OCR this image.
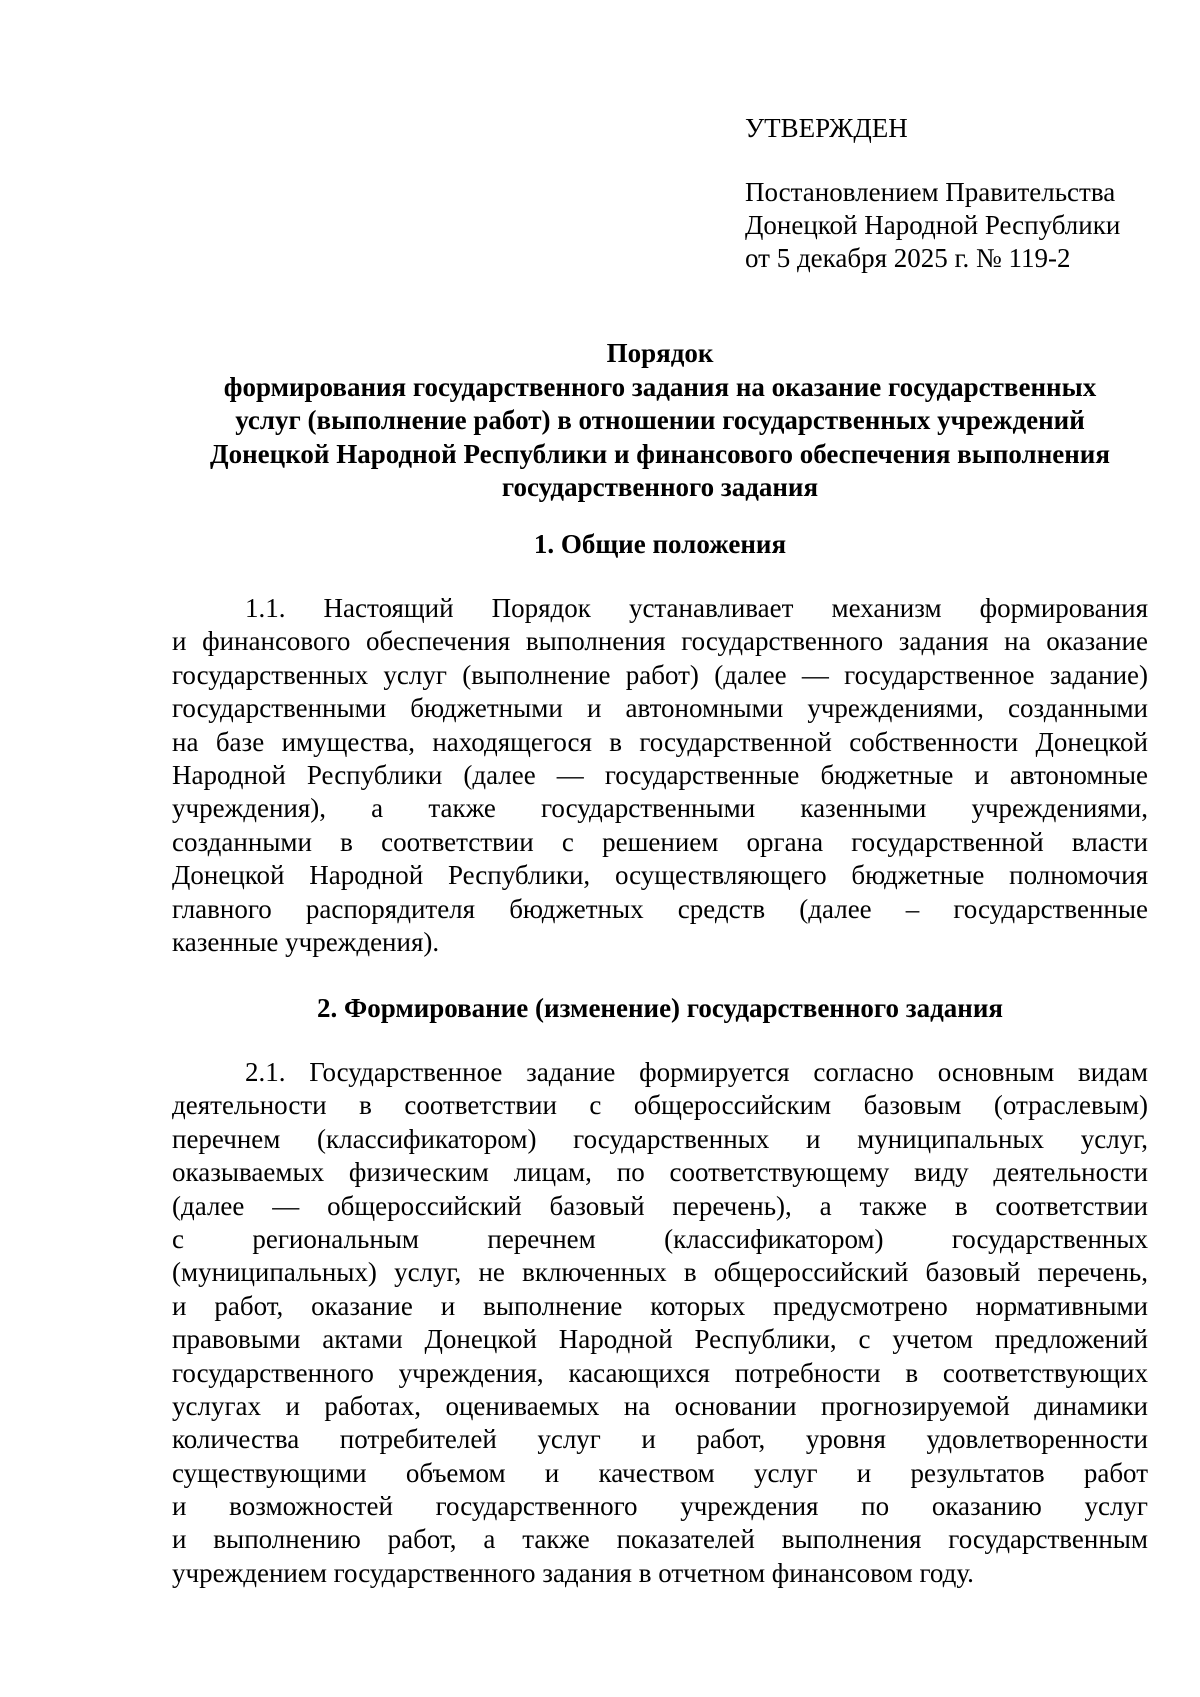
УТВЕРЖДЕН
Постановлением Правительства
Донецкой Народной Республики
от 5 декабря 2025 г. № 119-2
Порядок
формирования государственного задания на оказание государственных
услуг (выполнение работ) в отношении государственных учреждений
Донецкой Народной Республики и финансового обеспечения выполнения
государственного задания
1. Общие положения
1.1. Настоящий Порядок устанавливает механизм формирования
и финансового обеспечения выполнения государственного задания на оказание
государственных услуг (выполнение работ) (далее — государственное задание)
государственными бюджетными и автономными учреждениями, созданными
на базе имущества, находящегося в государственной собственности Донецкой
Народной Республики (далее — государственные бюджетные и автономные
учреждения), а также государственными казенными учреждениями,
созданными в соответствии с решением органа государственной власти
Донецкой Народной Республики, осуществляющего бюджетные полномочия
главного распорядителя бюджетных средств (далее – государственные
казенные учреждения).
2. Формирование (изменение) государственного задания
2.1. Государственное задание формируется согласно основным видам
деятельности в соответствии с общероссийским базовым (отраслевым)
перечнем (классификатором) государственных и муниципальных услуг,
оказываемых физическим лицам, по соответствующему виду деятельности
(далее — общероссийский базовый перечень), а также в соответствии
с региональным перечнем (классификатором) государственных
(муниципальных) услуг, не включенных в общероссийский базовый перечень,
и работ, оказание и выполнение которых предусмотрено нормативными
правовыми актами Донецкой Народной Республики, с учетом предложений
государственного учреждения, касающихся потребности в соответствующих
услугах и работах, оцениваемых на основании прогнозируемой динамики
количества потребителей услуг и работ, уровня удовлетворенности
существующими объемом и качеством услуг и результатов работ
и возможностей государственного учреждения по оказанию услуг
и выполнению работ, а также показателей выполнения государственным
учреждением государственного задания в отчетном финансовом году.
